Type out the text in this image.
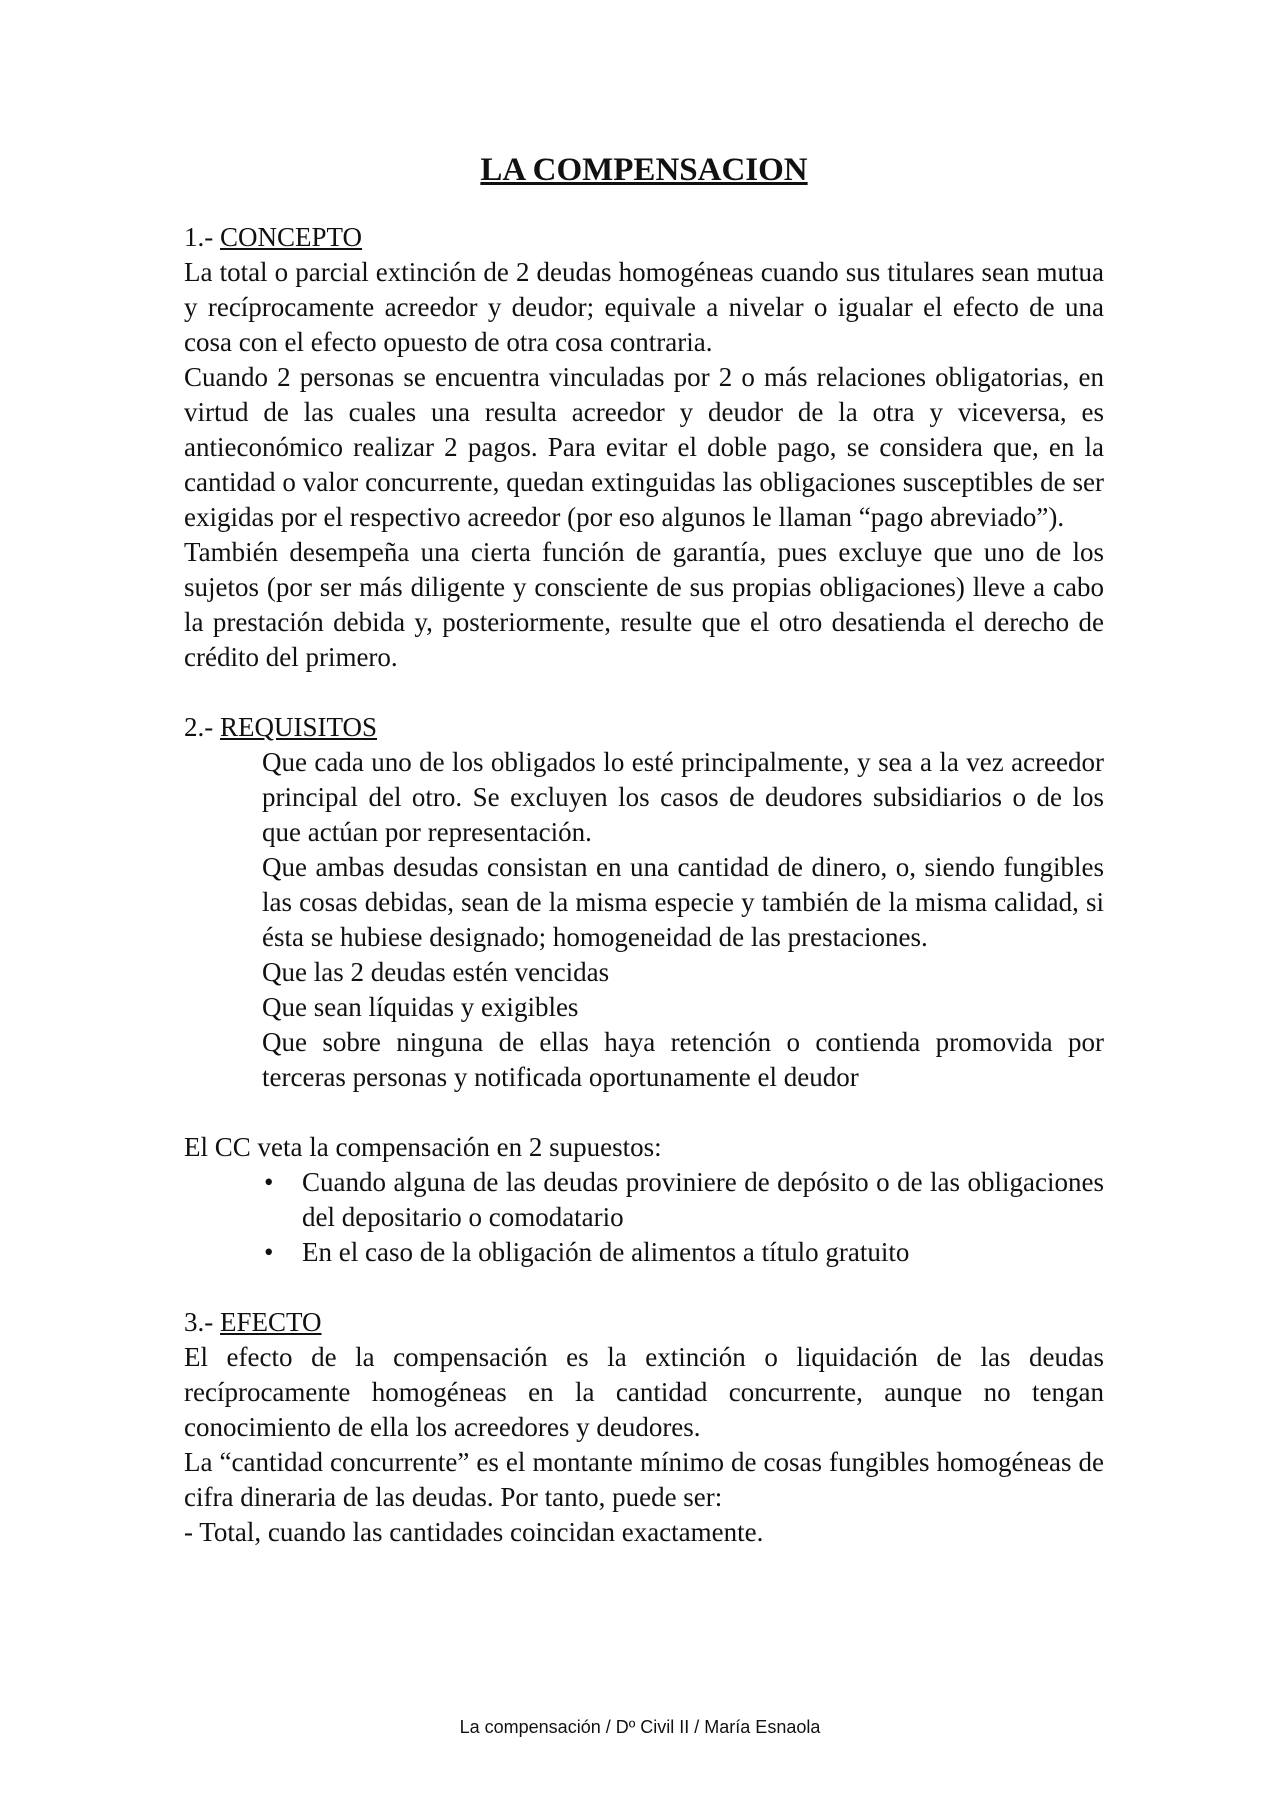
LA COMPENSACION
1.- CONCEPTO

La total o parcial extinción de 2 deudas homogéneas cuando sus titulares sean mutua y recíprocamente acreedor y deudor; equivale a nivelar o igualar el efecto de una cosa con el efecto opuesto de otra cosa contraria.

Cuando 2 personas se encuentra vinculadas por 2 o más relaciones obligatorias, en virtud de las cuales una resulta acreedor y deudor de la otra y viceversa, es antieconómico realizar 2 pagos. Para evitar el doble pago, se considera que, en la cantidad o valor concurrente, quedan extinguidas las obligaciones susceptibles de ser exigidas por el respectivo acreedor (por eso algunos le llaman “pago abreviado”).

También desempeña una cierta función de garantía, pues excluye que uno de los sujetos (por ser más diligente y consciente de sus propias obligaciones) lleve a cabo la prestación debida y, posteriormente, resulte que el otro desatienda el derecho de crédito del primero.

2.- REQUISITOS

Que cada uno de los obligados lo esté principalmente, y sea a la vez acreedor principal del otro. Se excluyen los casos de deudores subsidiarios o de los que actúan por representación.

Que ambas desudas consistan en una cantidad de dinero, o, siendo fungibles las cosas debidas, sean de la misma especie y también de la misma calidad, si ésta se hubiese designado; homogeneidad de las prestaciones.

Que las 2 deudas estén vencidas

Que sean líquidas y exigibles

Que sobre ninguna de ellas haya retención o contienda promovida por terceras personas y notificada oportunamente el deudor

El CC veta la compensación en 2 supuestos:

• Cuando alguna de las deudas proviniere de depósito o de las obligaciones del depositario o comodatario
• En el caso de la obligación de alimentos a título gratuito
3.- EFECTO

El efecto de la compensación es la extinción o liquidación de las deudas recíprocamente homogéneas en la cantidad concurrente, aunque no tengan conocimiento de ella los acreedores y deudores.

La “cantidad concurrente” es el montante mínimo de cosas fungibles homogéneas de cifra dineraria de las deudas. Por tanto, puede ser:

- Total, cuando las cantidades coincidan exactamente.

La compensación / Dº Civil II / María Esnaola
